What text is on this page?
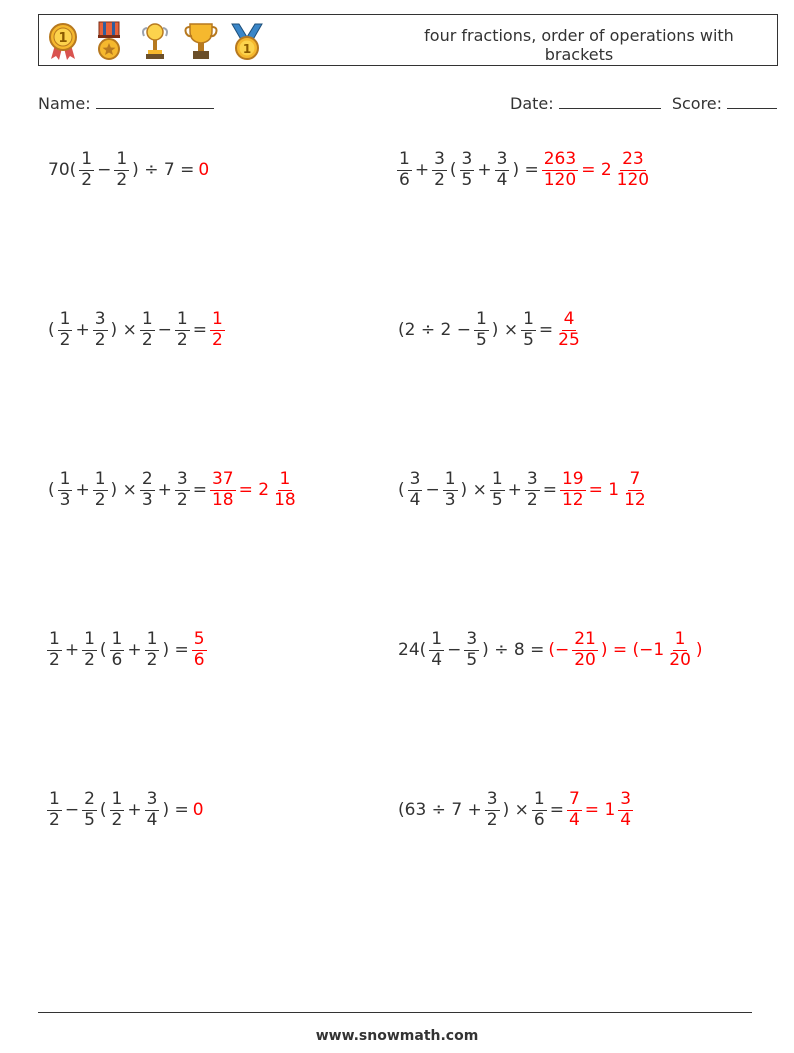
1
1
four fractions, order of operations with brackets
Name:	Date:	Score:
$70( \frac{1}{2} - \frac{1}{2}$ ) ÷ 7 = 0	$\frac{1}{6} + \frac{3}{2}$ ( $\frac{3}{5} + \frac{3}{4}$ ) = $\frac{263}{120} = 2 \frac{23}{120}$
( $\frac{1}{2} + \frac{3}{2}$ ) × $\frac{1}{2} - \frac{1}{2} = \frac{1}{2}$	($2 \div 2 - \frac{1}{5}$ ) × $\frac{1}{5} = \frac{4}{25}$
( $\frac{1}{3} + \frac{1}{2}$ ) × $\frac{2}{3} + \frac{3}{2} = \frac{37}{18} = 2 \frac{1}{18}$	( $\frac{3}{4} - \frac{1}{3}$ ) × $\frac{1}{5} + \frac{3}{2} = \frac{19}{12} = 1 \frac{7}{12}$
$\frac{1}{2} + \frac{1}{2}$ ( $\frac{1}{6} + \frac{1}{2}$ ) = $\frac{5}{6}$	$24( \frac{1}{4} - \frac{3}{5}$ ) ÷ 8 = (− $\frac{21}{20}$ ) = ($-1 \frac{1}{20}$ )
$\frac{1}{2} - \frac{2}{5}$ ( $\frac{1}{2} + \frac{3}{4}$ ) = 0	($63 \div 7 + \frac{3}{2}$ ) × $\frac{1}{6} = \frac{7}{4} = 1 \frac{3}{4}$
www.snowmath.com
